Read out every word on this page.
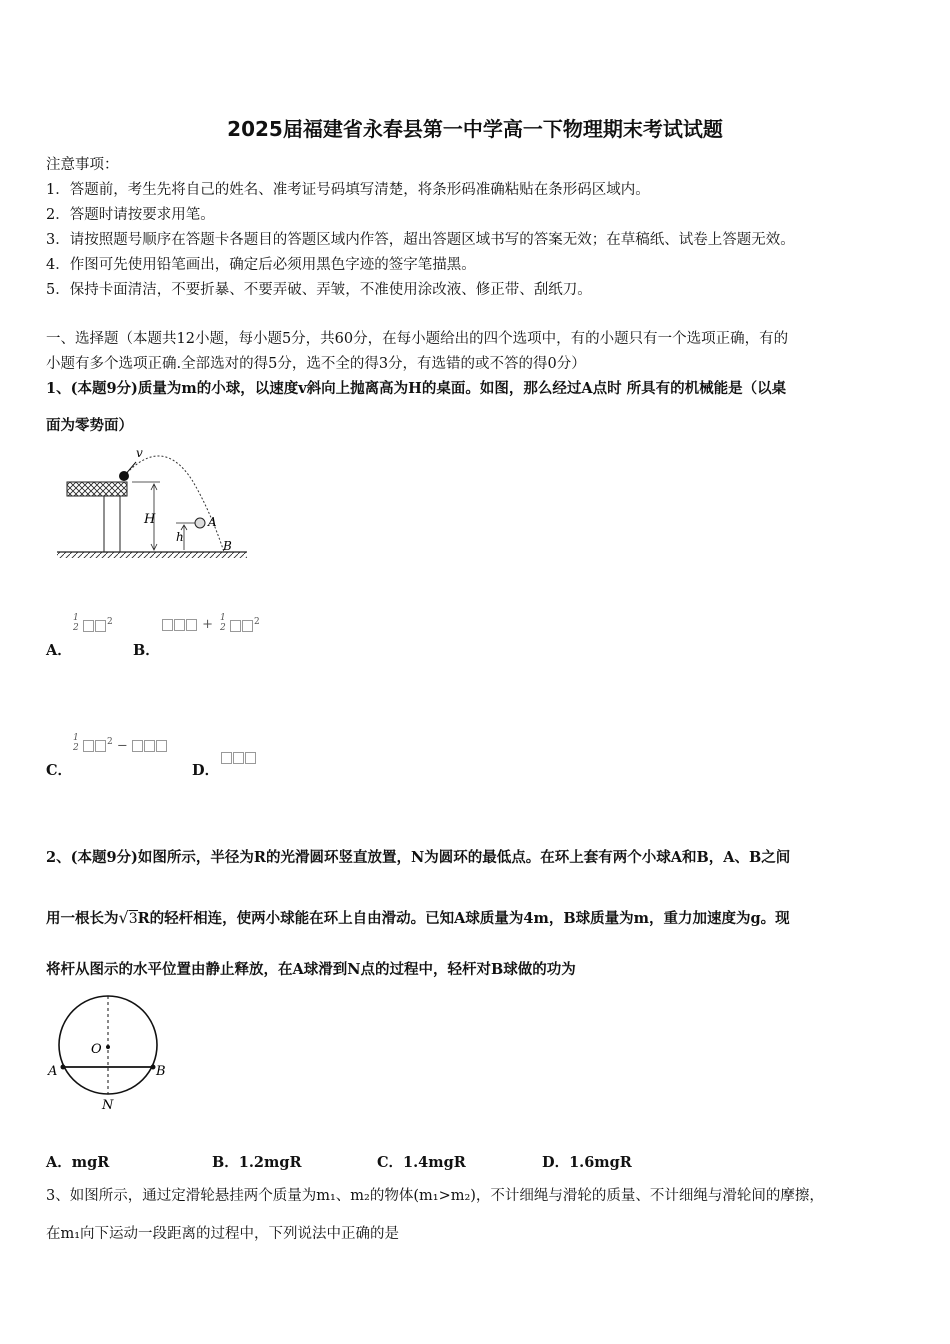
2025届福建省永春县第一中学高一下物理期末考试试题
注意事项：
1．答题前，考生先将自己的姓名、准考证号码填写清楚，将条形码准确粘贴在条形码区域内。
2．答题时请按要求用笔。
3．请按照题号顺序在答题卡各题目的答题区域内作答，超出答题区域书写的答案无效；在草稿纸、试卷上答题无效。
4．作图可先使用铅笔画出，确定后必须用黑色字迹的签字笔描黑。
5．保持卡面清洁，不要折暴、不要弄破、弄皱，不准使用涂改液、修正带、刮纸刀。
一、选择题（本题共12小题，每小题5分，共60分，在每小题给出的四个选项中，有的小题只有一个选项正确，有的
小题有多个选项正确.全部选对的得5分，选不全的得3分，有选错的或不答的得0分）
1、(本题9分)质量为m的小球，以速度v斜向上抛离高为H的桌面。如图，那么经过A点时 所具有的机械能是（以桌
面为零势面）
v
H
h
A
B
A．
1
2
$^2$
B．
+ 1
2
$^2$
C．
1
2
$^2$ −
D．
2、(本题9分)如图所示，半径为R的光滑圆环竖直放置，N为圆环的最低点。在环上套有两个小球A和B，A、B之间
用一根长为√3R的轻杆相连，使两小球能在环上自由滑动。已知A球质量为4m，B球质量为m，重力加速度为g。现
将杆从图示的水平位置由静止释放，在A球滑到N点的过程中，轻杆对B球做的功为
O
A	B
N
A．mgR	B．1.2mgR	C．1.4mgR	D．1.6mgR
3、如图所示，通过定滑轮悬挂两个质量为m₁、m₂的物体(m₁>m₂)，不计细绳与滑轮的质量、不计细绳与滑轮间的摩擦，
在m₁向下运动一段距离的过程中，下列说法中正确的是
